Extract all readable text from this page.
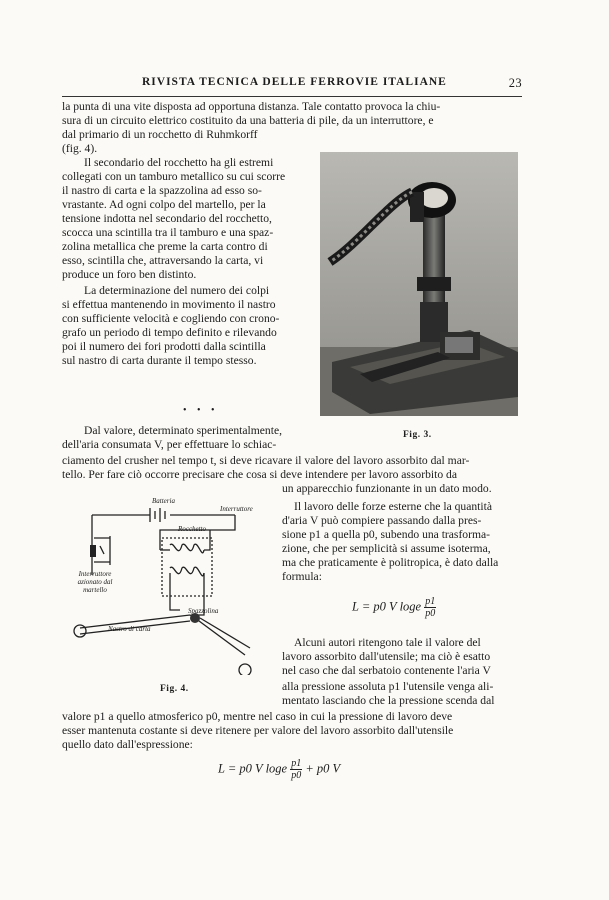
RIVISTA TECNICA DELLE FERROVIE ITALIANE	23
la punta di una vite disposta ad opportuna distanza. Tale contatto provoca la chiu-
sura di un circuito elettrico costituito da una batteria di pile, da un interruttore, e
dal primario di un rocchetto di Ruhmkorff
(fig. 4).
Il secondario del rocchetto ha gli estremi
collegati con un tamburo metallico su cui scorre
il nastro di carta e la spazzolina ad esso so-
vrastante. Ad ogni colpo del martello, per la
tensione indotta nel secondario del rocchetto,
scocca una scintilla tra il tamburo e una spaz-
zolina metallica che preme la carta contro di
esso, scintilla che, attraversando la carta, vi
produce un foro ben distinto.
La determinazione del numero dei colpi
si effettua mantenendo in movimento il nastro
con sufficiente velocità e cogliendo con crono-
grafo un periodo di tempo definito e rilevando
poi il numero dei fori prodotti dalla scintilla
sul nastro di carta durante il tempo stesso.
• • •
Dal valore, determinato sperimentalmente,
dell'aria consumata V, per effettuare lo schiac-
ciamento del crusher nel tempo t, si deve ricavare il valore del lavoro assorbito dal mar-
tello. Per fare ciò occorre precisare che cosa si deve intendere per lavoro assorbito da
Fig. 3.
Batteria
Interruttore
Rocchetto
Interruttore azionato dal martello
Nastro di carta
Spazzolina
Fig. 4.
un apparecchio funzionante in un dato modo.
Il lavoro delle forze esterne che la quantità
d'aria V può compiere passando dalla pres-
sione p1 a quella p0, subendo una trasforma-
zione, che per semplicità si assume isoterma,
ma che praticamente è politropica, è dato dalla
formula:
L = p0 V loge $\frac{p1}{p0}$
Alcuni autori ritengono tale il valore del
lavoro assorbito dall'utensile; ma ciò è esatto
nel caso che dal serbatoio contenente l'aria V
alla pressione assoluta p1 l'utensile venga ali-
mentato lasciando che la pressione scenda dal
valore p1 a quello atmosferico p0, mentre nel caso in cui la pressione di lavoro deve
esser mantenuta costante si deve ritenere per valore del lavoro assorbito dall'utensile
quello dato dall'espressione:
L = p0 V loge $\frac{p1}{p0} + p0$ V
